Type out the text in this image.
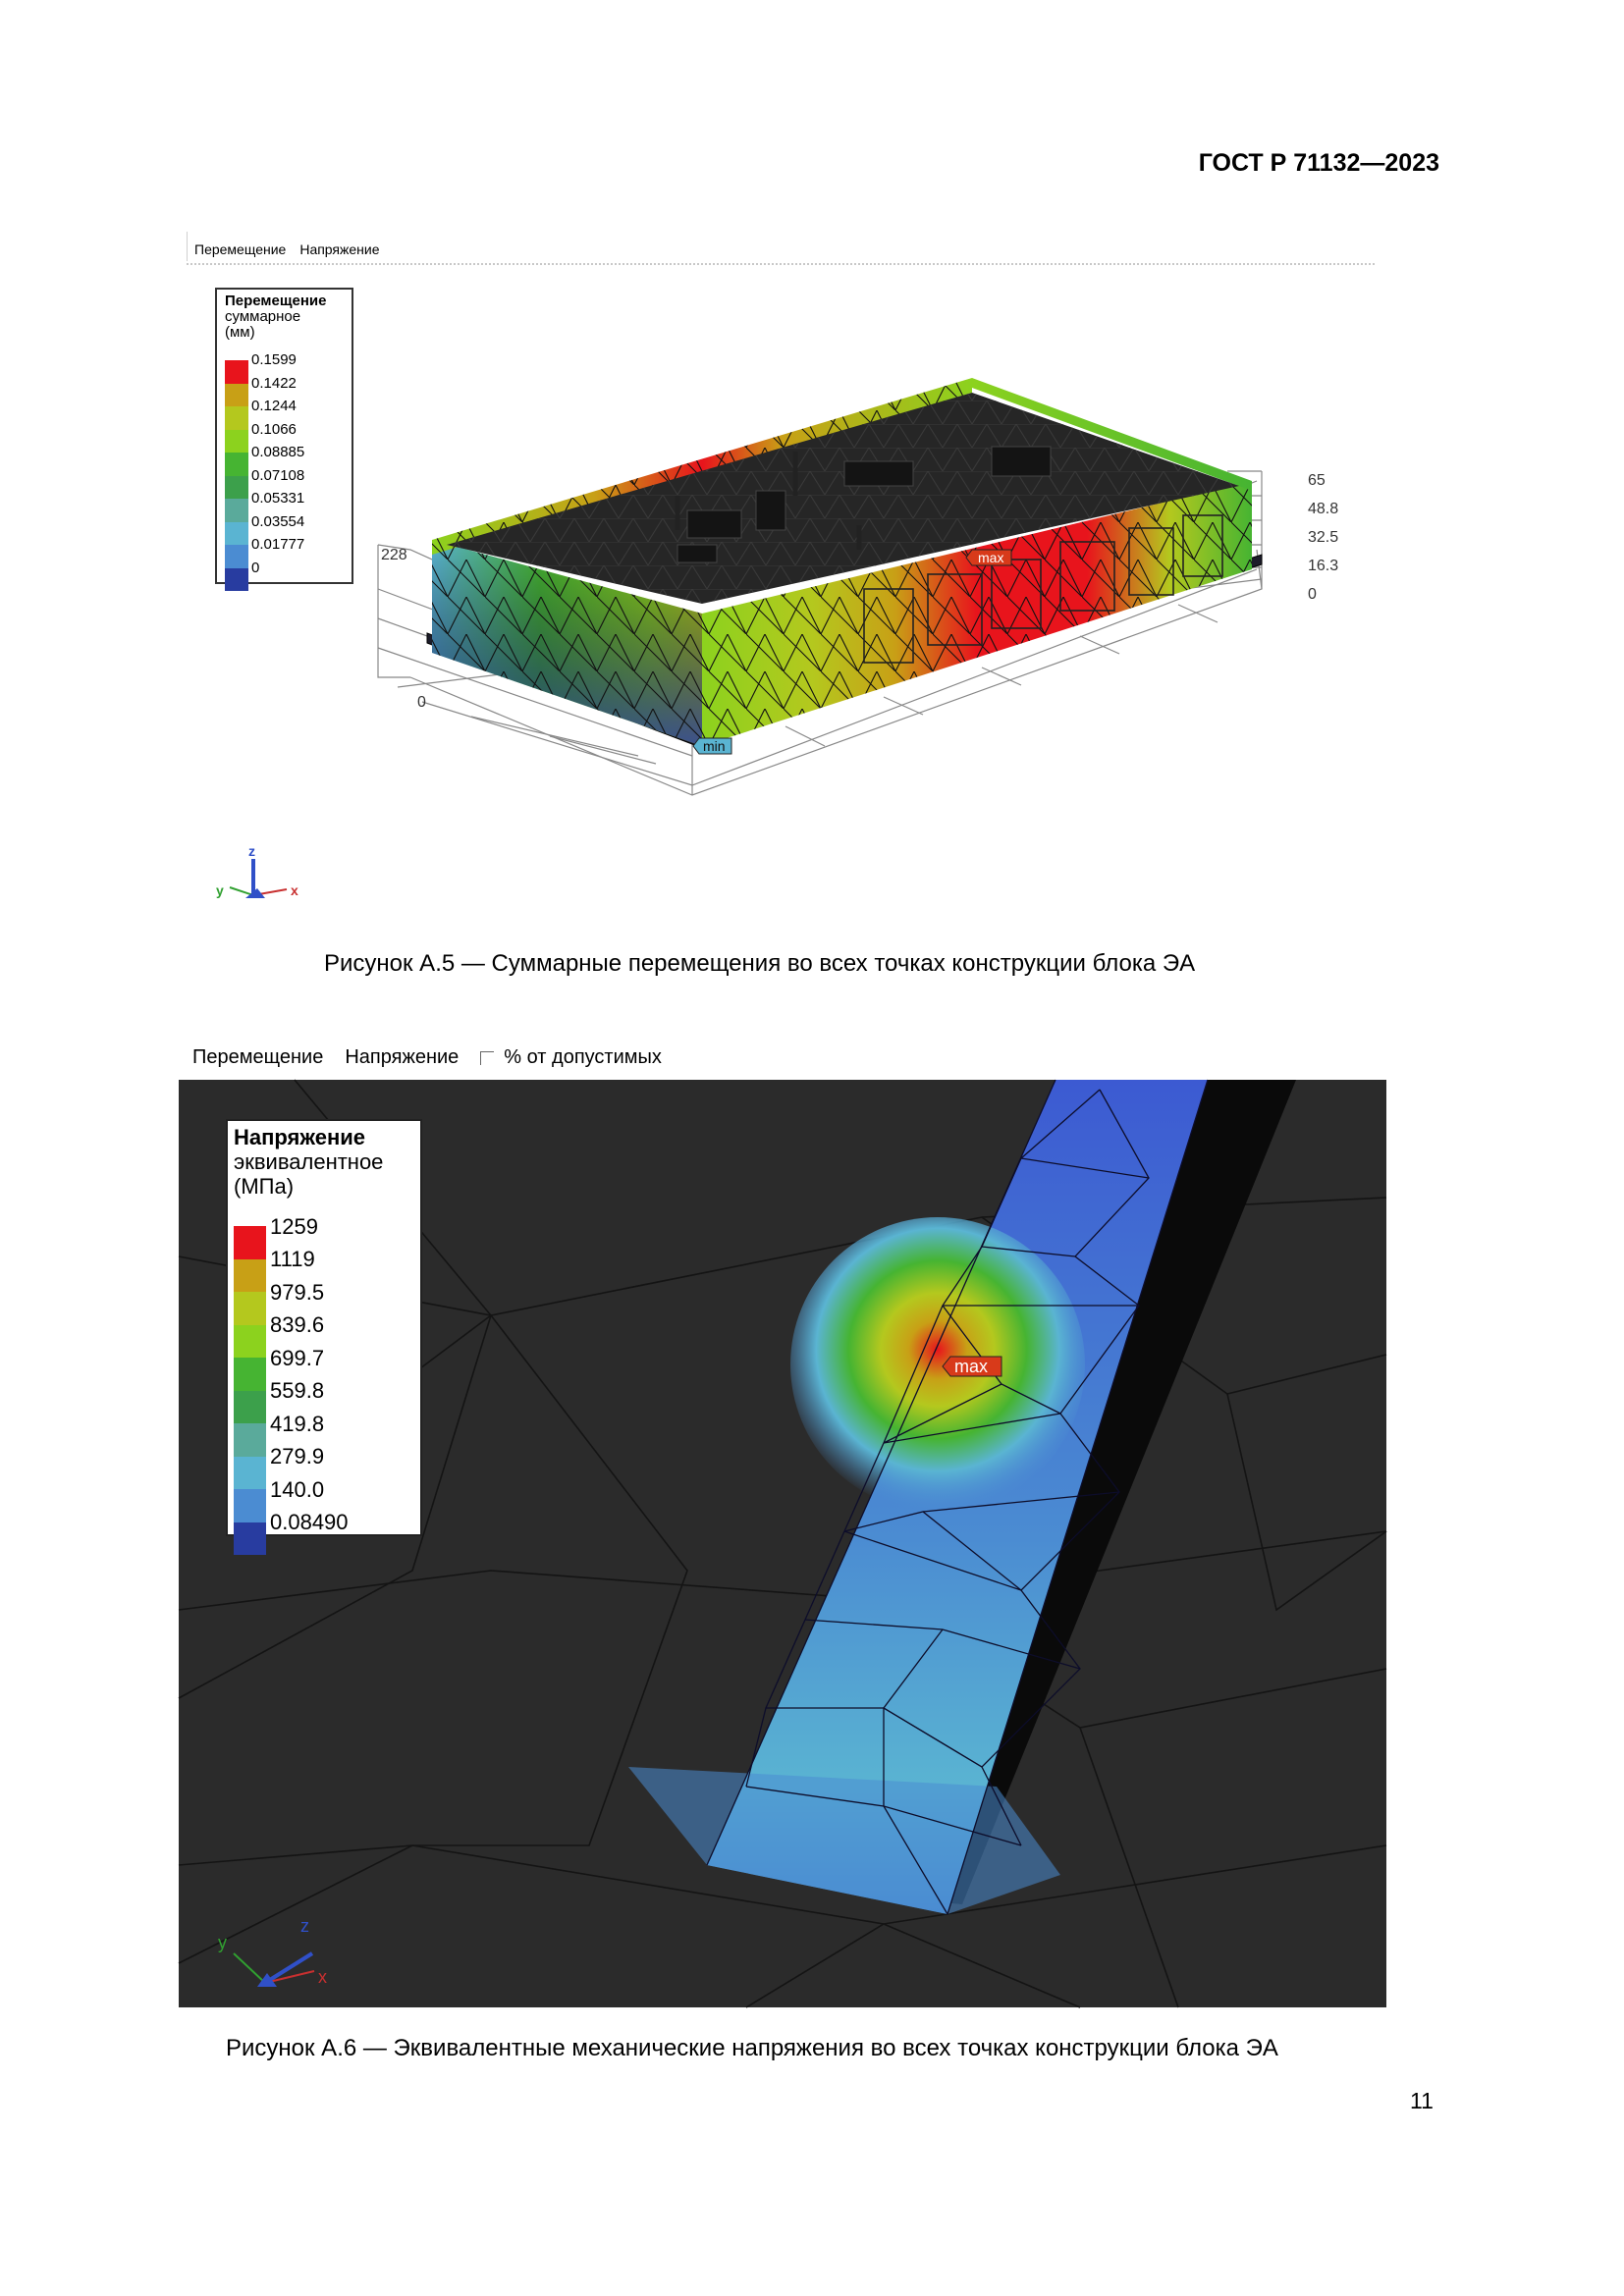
ГОСТ Р 71132—2023
Перемещение Напряжение
max
min
65
48.8
32.5
16.3
0
228
0
z
x
y
Перемещение
суммарное
(мм)
0.1599
0.1422
0.1244
0.1066
0.08885
0.07108
0.05331
0.03554
0.01777
0
Рисунок А.5 — Суммарные перемещения во всех точках конструкции блока ЭА
Перемещение Напряжение % от допустимых
max
z
x
y
Напряжение
эквивалентное
(МПа)
1259
1119
979.5
839.6
699.7
559.8
419.8
279.9
140.0
0.08490
Рисунок А.6 — Эквивалентные механические напряжения во всех точках конструкции блока ЭА
11
